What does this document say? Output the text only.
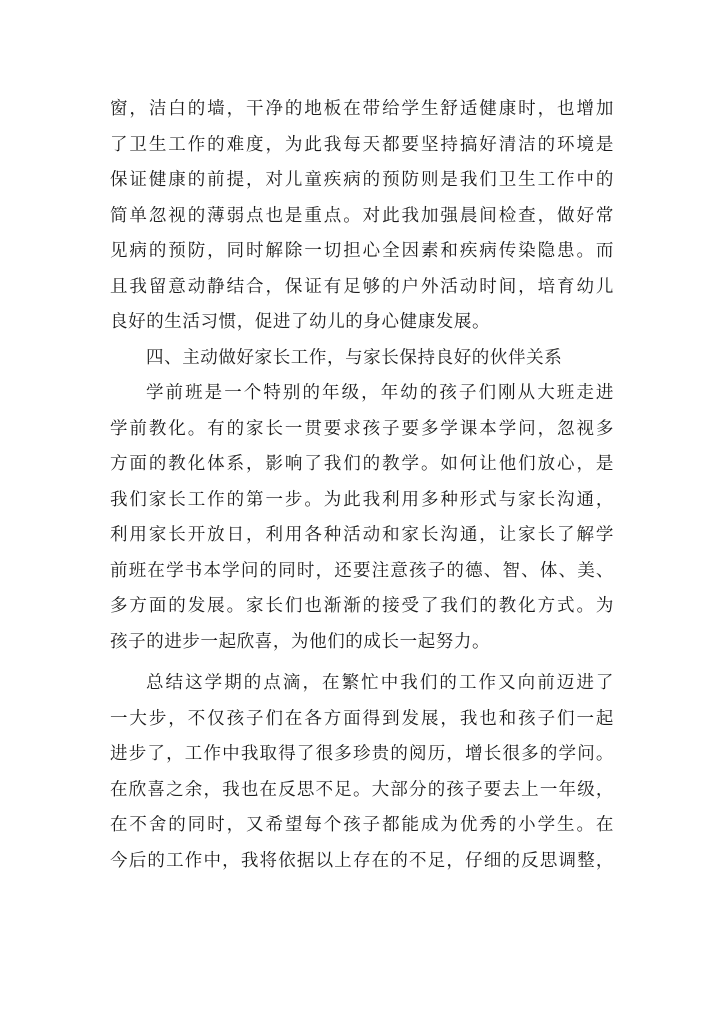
窗，洁白的墙，干净的地板在带给学生舒适健康时，也增加
了卫生工作的难度，为此我每天都要坚持搞好清洁的环境是
保证健康的前提，对儿童疾病的预防则是我们卫生工作中的
简单忽视的薄弱点也是重点。对此我加强晨间检查，做好常
见病的预防，同时解除一切担心全因素和疾病传染隐患。而
且我留意动静结合，保证有足够的户外活动时间，培育幼儿
良好的生活习惯，促进了幼儿的身心健康发展。
四、主动做好家长工作，与家长保持良好的伙伴关系
学前班是一个特别的年级，年幼的孩子们刚从大班走进
学前教化。有的家长一贯要求孩子要多学课本学问，忽视多
方面的教化体系，影响了我们的教学。如何让他们放心，是
我们家长工作的第一步。为此我利用多种形式与家长沟通，
利用家长开放日，利用各种活动和家长沟通，让家长了解学
前班在学书本学问的同时，还要注意孩子的德、智、体、美、
多方面的发展。家长们也渐渐的接受了我们的教化方式。为
孩子的进步一起欣喜，为他们的成长一起努力。
总结这学期的点滴，在繁忙中我们的工作又向前迈进了
一大步，不仅孩子们在各方面得到发展，我也和孩子们一起
进步了，工作中我取得了很多珍贵的阅历，增长很多的学问。
在欣喜之余，我也在反思不足。大部分的孩子要去上一年级，
在不舍的同时，又希望每个孩子都能成为优秀的小学生。在
今后的工作中，我将依据以上存在的不足，仔细的反思调整，
